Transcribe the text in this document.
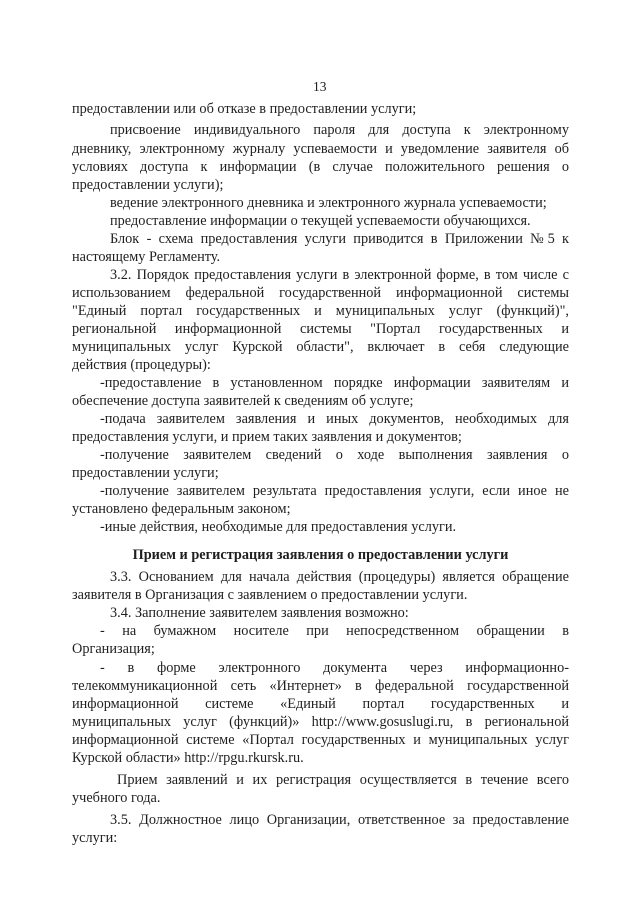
13
предоставлении или об отказе в предоставлении услуги;
присвоение индивидуального пароля для доступа к электронному
дневнику, электронному журналу успеваемости и уведомление заявителя об
условиях доступа к информации (в случае положительного решения о
предоставлении услуги);
ведение электронного дневника и электронного журнала успеваемости;
предоставление информации о текущей успеваемости обучающихся.
Блок - схема предоставления услуги приводится в Приложении №5 к
настоящему Регламенту.
3.2. Порядок предоставления услуги в электронной форме, в том числе с
использованием федеральной государственной информационной системы
"Единый портал государственных и муниципальных услуг (функций)",
региональной информационной системы "Портал государственных и
муниципальных услуг Курской области", включает в себя следующие
действия (процедуры):
-предоставление в установленном порядке информации заявителям и
обеспечение доступа заявителей к сведениям об услуге;
-подача заявителем заявления и иных документов, необходимых для
предоставления услуги, и прием таких заявления и документов;
-получение заявителем сведений о ходе выполнения заявления о
предоставлении услуги;
-получение заявителем результата предоставления услуги, если иное не
установлено федеральным законом;
-иные действия, необходимые для предоставления услуги.
Прием и регистрация заявления о предоставлении услуги
3.3. Основанием для начала действия (процедуры) является обращение
заявителя в Организация с заявлением о предоставлении услуги.
3.4. Заполнение заявителем заявления возможно:
- на бумажном носителе при непосредственном обращении в
Организация;
- в форме электронного документа через информационно-
телекоммуникационной сеть «Интернет» в федеральной государственной
информационной системе «Единый портал государственных и
муниципальных услуг (функций)» http://www.gosuslugi.ru, в региональной
информационной системе «Портал государственных и муниципальных услуг
Курской области» http://rpgu.rkursk.ru.
Прием заявлений и их регистрация осуществляется в течение всего
учебного года.
3.5. Должностное лицо Организации, ответственное за предоставление
услуги:
